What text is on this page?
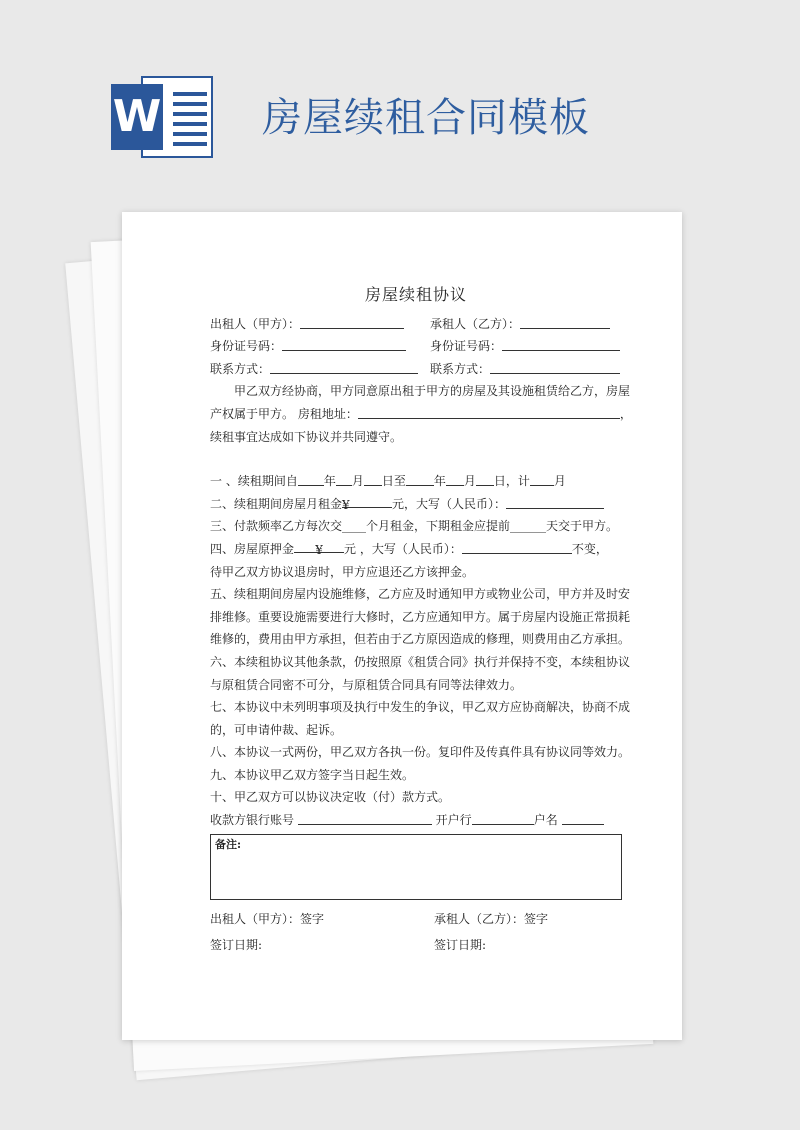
W	房屋续租合同模板
房屋续租协议
出租人（甲方）：	承租人（乙方）：
身份证号码：	身份证号码：
联系方式：	联系方式：
甲乙双方经协商，甲方同意原出租于甲方的房屋及其设施租赁给乙方，房屋
产权属于甲方。 房租地址：	，
续租事宜达成如下协议并共同遵守。
一 、续租期间自 年 月 日至 年 月 日，计 月
二、续租期间房屋月租金¥	元，大写（人民币）：
三、付款频率乙方每次交____个月租金，下期租金应提前______天交于甲方。
四、房屋原押金 ¥ 元 ，大写（人民币）：	不变，
待甲乙双方协议退房时，甲方应退还乙方该押金。
五、续租期间房屋内设施维修，乙方应及时通知甲方或物业公司，甲方并及时安
排维修。重要设施需要进行大修时，乙方应通知甲方。属于房屋内设施正常损耗
维修的，费用由甲方承担，但若由于乙方原因造成的修理，则费用由乙方承担。
六、本续租协议其他条款，仍按照原《租赁合同》执行并保持不变，本续租协议
与原租赁合同密不可分，与原租赁合同具有同等法律效力。
七、本协议中未列明事项及执行中发生的争议，甲乙双方应协商解决，协商不成
的，可申请仲裁、起诉。
八、本协议一式两份，甲乙双方各执一份。复印件及传真件具有协议同等效力。
九、本协议甲乙双方签字当日起生效。
十、甲乙双方可以协议决定收（付）款方式。
收款方银行账号	开户行	户名
备注:
出租人（甲方）：签字	承租人（乙方）：签字
签订日期:	签订日期:
